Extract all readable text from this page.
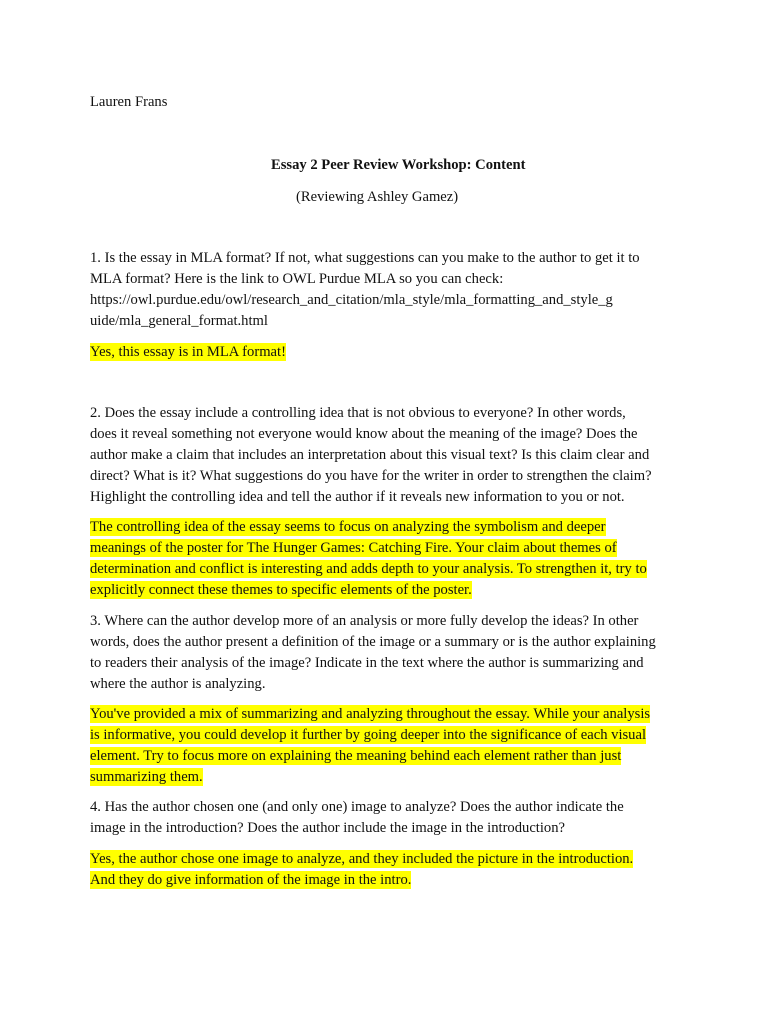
Lauren Frans

Essay 2 Peer Review Workshop: Content

(Reviewing Ashley Gamez)

1. Is the essay in MLA format? If not, what suggestions can you make to the author to get it to

MLA format? Here is the link to OWL Purdue MLA so you can check:

https://owl.purdue.edu/owl/research_and_citation/mla_style/mla_formatting_and_style_g

uide/mla_general_format.html

Yes, this essay is in MLA format!

2. Does the essay include a controlling idea that is not obvious to everyone? In other words,

does it reveal something not everyone would know about the meaning of the image? Does the

author make a claim that includes an interpretation about this visual text? Is this claim clear and

direct? What is it? What suggestions do you have for the writer in order to strengthen the claim?

Highlight the controlling idea and tell the author if it reveals new information to you or not.

The controlling idea of the essay seems to focus on analyzing the symbolism and deeper

meanings of the poster for The Hunger Games: Catching Fire. Your claim about themes of

determination and conflict is interesting and adds depth to your analysis. To strengthen it, try to

explicitly connect these themes to specific elements of the poster.

3. Where can the author develop more of an analysis or more fully develop the ideas? In other

words, does the author present a definition of the image or a summary or is the author explaining

to readers their analysis of the image? Indicate in the text where the author is summarizing and

where the author is analyzing.

You've provided a mix of summarizing and analyzing throughout the essay. While your analysis

is informative, you could develop it further by going deeper into the significance of each visual

element. Try to focus more on explaining the meaning behind each element rather than just

summarizing them.

4. Has the author chosen one (and only one) image to analyze? Does the author indicate the

image in the introduction? Does the author include the image in the introduction?

Yes, the author chose one image to analyze, and they included the picture in the introduction.

And they do give information of the image in the intro.
